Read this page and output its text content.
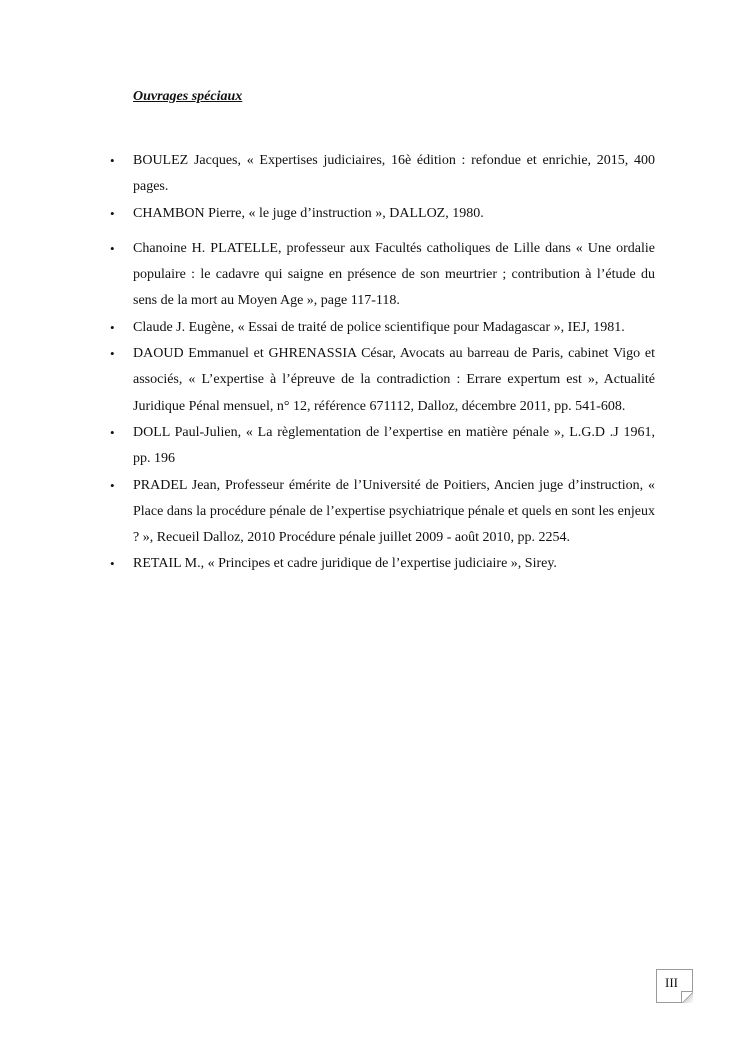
Ouvrages spéciaux
• BOULEZ Jacques, « Expertises judiciaires, 16è édition : refondue et enrichie, 2015, 400 pages.
• CHAMBON Pierre, « le juge d’instruction », DALLOZ, 1980.
• Chanoine H. PLATELLE, professeur aux Facultés catholiques de Lille dans « Une ordalie populaire : le cadavre qui saigne en présence de son meurtrier ; contribution à l’étude du sens de la mort au Moyen Age », page 117-118.
• Claude J. Eugène, « Essai de traité de police scientifique pour Madagascar », IEJ, 1981.
• DAOUD Emmanuel et GHRENASSIA César, Avocats au barreau de Paris, cabinet Vigo et associés, « L’expertise à l’épreuve de la contradiction : Errare expertum est », Actualité Juridique Pénal mensuel, n° 12, référence 671112, Dalloz, décembre 2011, pp. 541-608.
• DOLL Paul-Julien, « La règlementation de l’expertise en matière pénale », L.G.D .J 1961, pp. 196
• PRADEL Jean, Professeur émérite de l’Université de Poitiers, Ancien juge d’instruction, « Place dans la procédure pénale de l’expertise psychiatrique pénale et quels en sont les enjeux ? », Recueil Dalloz, 2010 Procédure pénale juillet 2009 - août 2010, pp. 2254.
• RETAIL M., « Principes et cadre juridique de l’expertise judiciaire », Sirey.
III
